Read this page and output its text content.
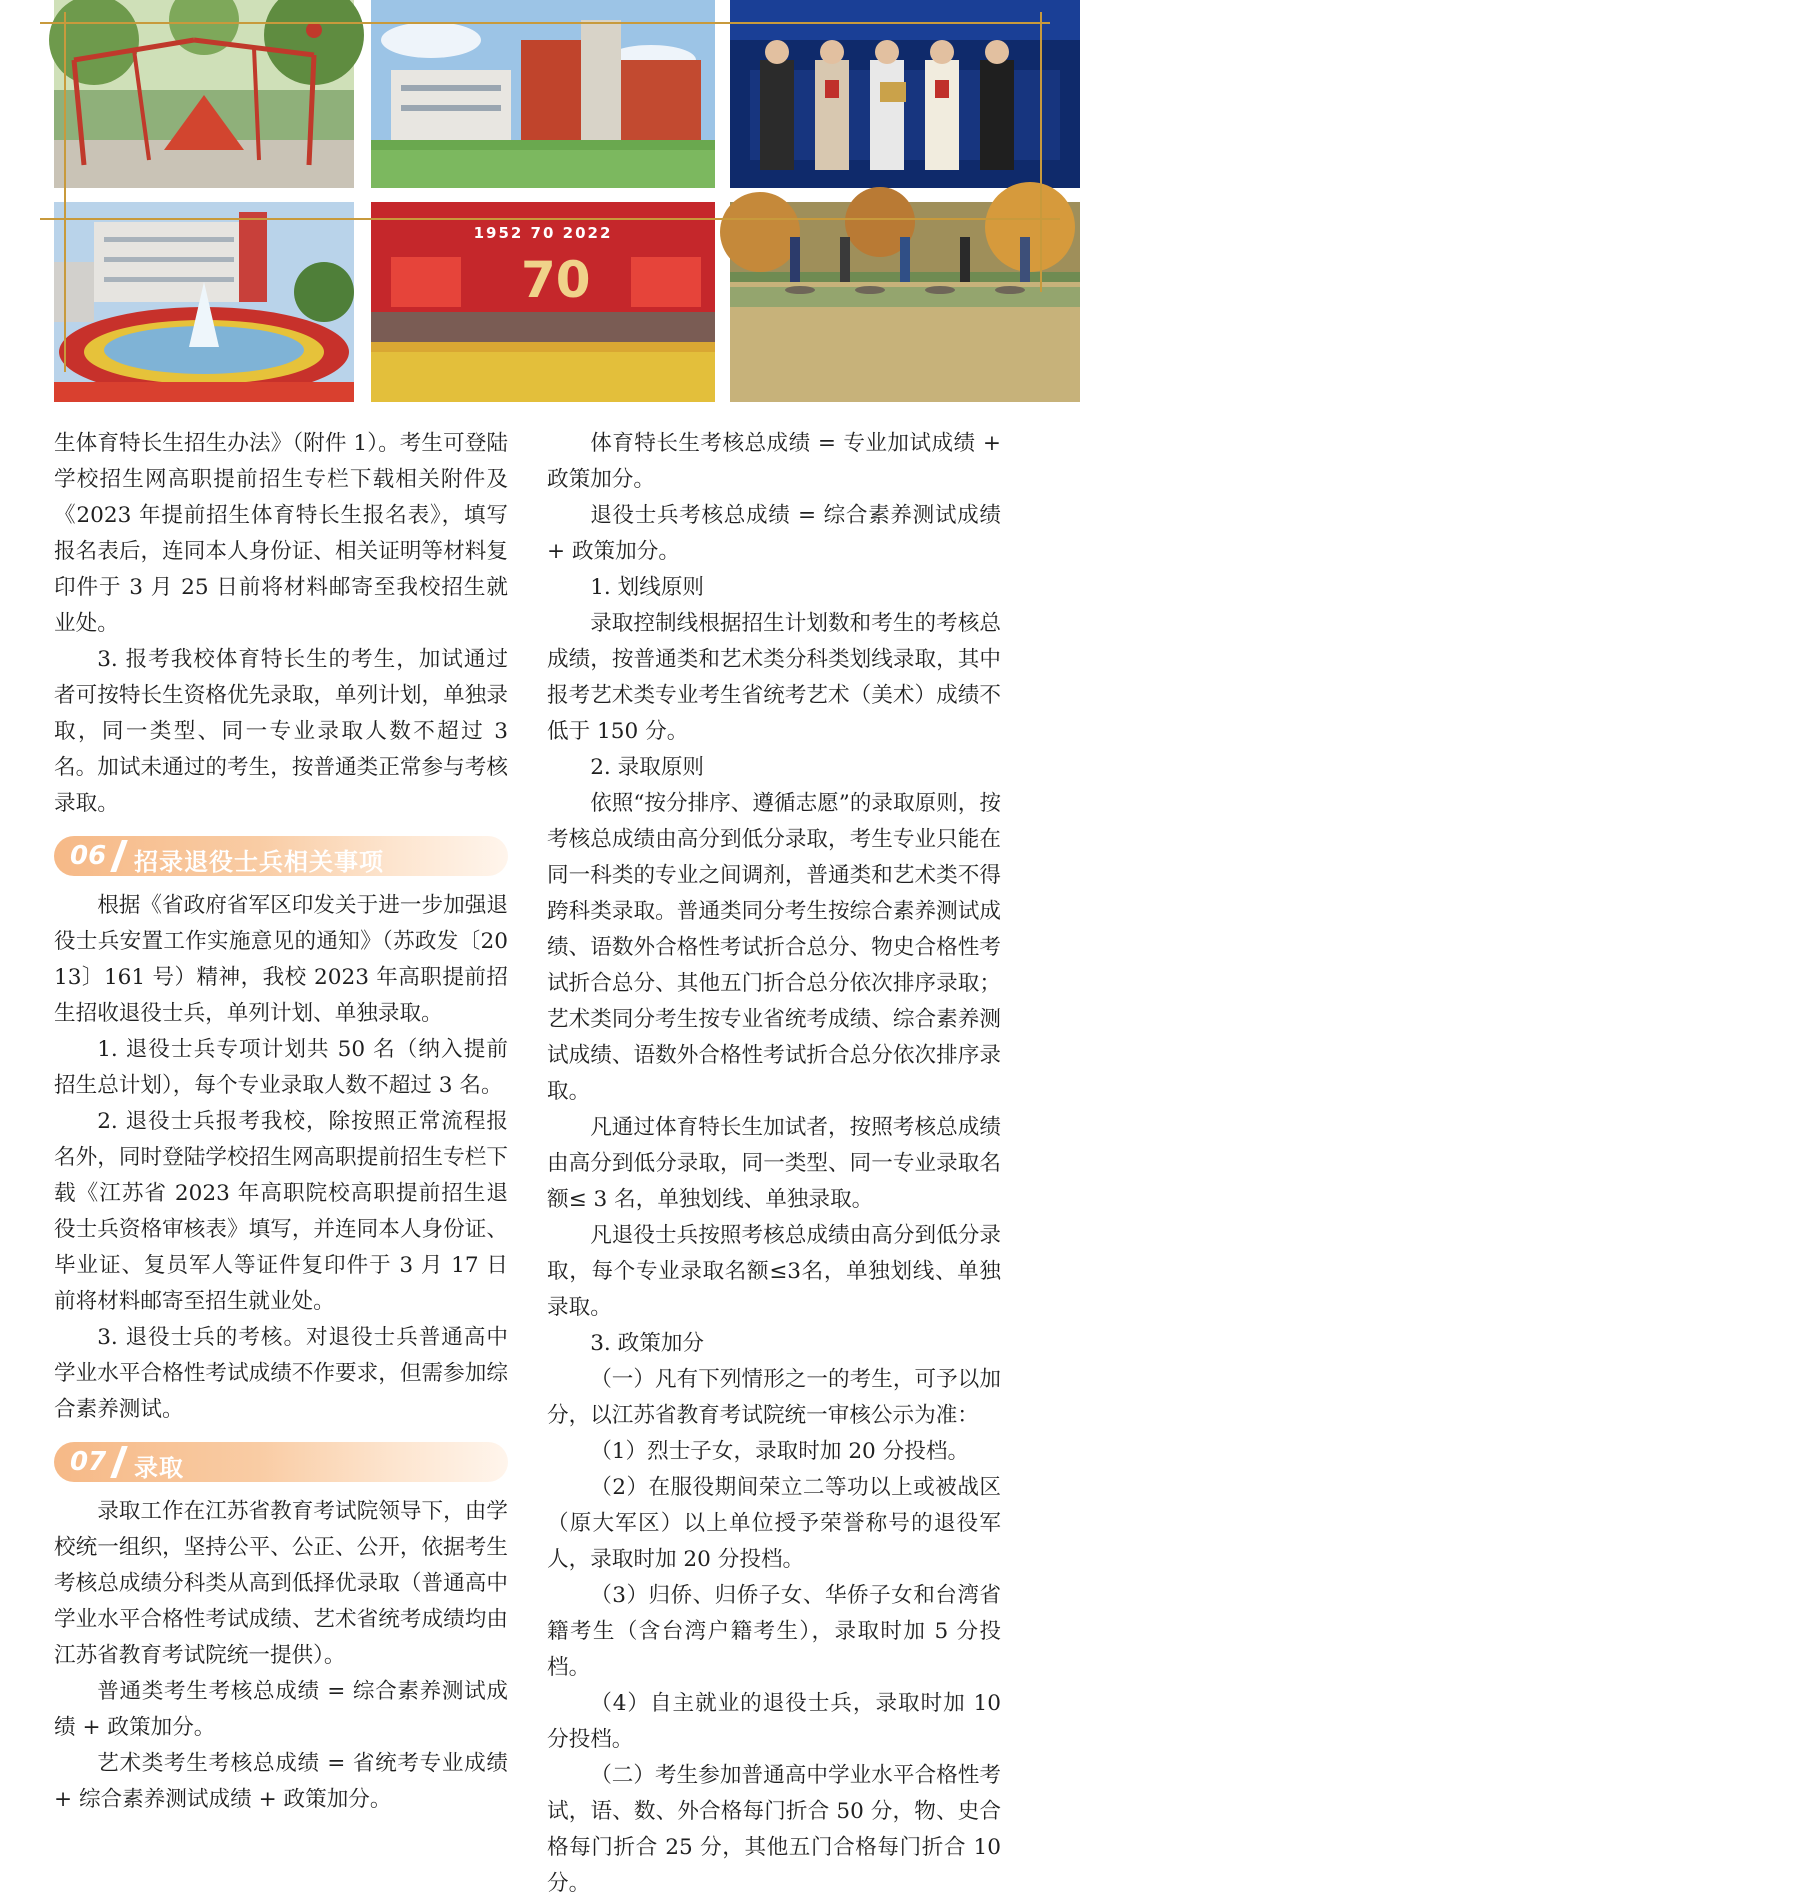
江苏省第十三届大学生职业规划大
70
1952 70 2022

生体育特长生招生办法》（附件 1）。考生可登陆学校招生网高职提前招生专栏下载相关附件及《2023 年提前招生体育特长生报名表》，填写报名表后，连同本人身份证、相关证明等材料复印件于 3 月 25 日前将材料邮寄至我校招生就业处。

3. 报考我校体育特长生的考生，加试通过者可按特长生资格优先录取，单列计划，单独录取，同一类型、同一专业录取人数不超过 3 名。加试未通过的考生，按普通类正常参与考核录取。

06 招录退役士兵相关事项

根据《省政府省军区印发关于进一步加强退役士兵安置工作实施意见的通知》（苏政发〔2013〕161 号）精神，我校 2023 年高职提前招生招收退役士兵，单列计划、单独录取。

1. 退役士兵专项计划共 50 名（纳入提前招生总计划），每个专业录取人数不超过 3 名。

2. 退役士兵报考我校，除按照正常流程报名外，同时登陆学校招生网高职提前招生专栏下载《江苏省 2023 年高职院校高职提前招生退役士兵资格审核表》填写，并连同本人身份证、毕业证、复员军人等证件复印件于 3 月 17 日前将材料邮寄至招生就业处。

3. 退役士兵的考核。对退役士兵普通高中学业水平合格性考试成绩不作要求，但需参加综合素养测试。

07 录取

录取工作在江苏省教育考试院领导下，由学校统一组织，坚持公平、公正、公开，依据考生考核总成绩分科类从高到低择优录取（普通高中学业水平合格性考试成绩、艺术省统考成绩均由江苏省教育考试院统一提供）。

普通类考生考核总成绩 = 综合素养测试成绩 + 政策加分。

艺术类考生考核总成绩 = 省统考专业成绩 + 综合素养测试成绩 + 政策加分。

体育特长生考核总成绩 = 专业加试成绩 + 政策加分。

退役士兵考核总成绩 = 综合素养测试成绩 + 政策加分。

1. 划线原则

录取控制线根据招生计划数和考生的考核总成绩，按普通类和艺术类分科类划线录取，其中报考艺术类专业考生省统考艺术（美术）成绩不低于 150 分。

2. 录取原则

依照“按分排序、遵循志愿”的录取原则，按考核总成绩由高分到低分录取，考生专业只能在同一科类的专业之间调剂，普通类和艺术类不得跨科类录取。普通类同分考生按综合素养测试成绩、语数外合格性考试折合总分、物史合格性考试折合总分、其他五门折合总分依次排序录取；艺术类同分考生按专业省统考成绩、综合素养测试成绩、语数外合格性考试折合总分依次排序录取。

凡通过体育特长生加试者，按照考核总成绩由高分到低分录取，同一类型、同一专业录取名额≤ 3 名，单独划线、单独录取。

凡退役士兵按照考核总成绩由高分到低分录取，每个专业录取名额≤3名，单独划线、单独录取。

3. 政策加分

（一）凡有下列情形之一的考生，可予以加分，以江苏省教育考试院统一审核公示为准：

（1）烈士子女，录取时加 20 分投档。

（2）在服役期间荣立二等功以上或被战区（原大军区）以上单位授予荣誉称号的退役军人，录取时加 20 分投档。

（3）归侨、归侨子女、华侨子女和台湾省籍考生（含台湾户籍考生），录取时加 5 分投档。

（4）自主就业的退役士兵，录取时加 10 分投档。

（二）考生参加普通高中学业水平合格性考试，语、数、外合格每门折合 50 分，物、史合格每门折合 25 分，其他五门合格每门折合 10 分。
